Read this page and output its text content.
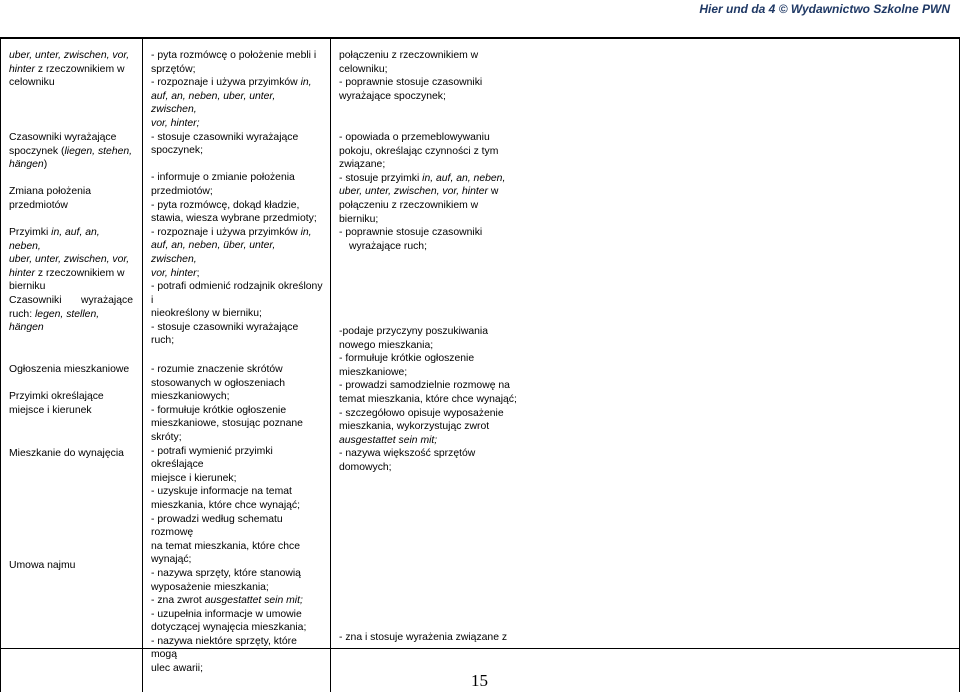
Hier und da 4 © Wydawnictwo Szkolne PWN
uber, unter, zwischen, vor,
hinter z rzeczownikiem w
celowniku
Czasowniki wyrażające
spoczynek (liegen, stehen,
hängen)
Zmiana położenia
przedmiotów
Przyimki in, auf, an, neben,
uber, unter, zwischen, vor,
hinter z rzeczownikiem w
bierniku
Czasowniki wyrażające
ruch: legen, stellen, hängen
Ogłoszenia mieszkaniowe
Przyimki określające
miejsce i kierunek
Mieszkanie do wynajęcia
Umowa najmu
- pyta rozmówcę o położenie mebli i
sprzętów;
- rozpoznaje i używa przyimków in,
auf, an, neben, uber, unter, zwischen,
vor, hinter;
- stosuje czasowniki wyrażające
spoczynek;
- informuje o zmianie położenia
przedmiotów;
- pyta rozmówcę, dokąd kładzie,
stawia, wiesza wybrane przedmioty;
- rozpoznaje i używa przyimków in,
auf, an, neben, über, unter, zwischen,
vor, hinter;
- potrafi odmienić rodzajnik określony i
nieokreślony w bierniku;
- stosuje czasowniki wyrażające ruch;
- rozumie znaczenie skrótów
stosowanych w ogłoszeniach
mieszkaniowych;
- formułuje krótkie ogłoszenie
mieszkaniowe, stosując poznane
skróty;
- potrafi wymienić przyimki określające
miejsce i kierunek;
- uzyskuje informacje na temat
mieszkania, które chce wynająć;
- prowadzi według schematu rozmowę
na temat mieszkania, które chce
wynająć;
- nazywa sprzęty, które stanowią
wyposażenie mieszkania;
- zna zwrot ausgestattet sein mit;
- uzupełnia informacje w umowie
dotyczącej wynajęcia mieszkania;
- nazywa niektóre sprzęty, które mogą
ulec awarii;
połączeniu z rzeczownikiem w
celowniku;
- poprawnie stosuje czasowniki
wyrażające spoczynek;
- opowiada o przemeblowywaniu
pokoju, określając czynności z tym
związane;
- stosuje przyimki in, auf, an, neben,
uber, unter, zwischen, vor, hinter w
połączeniu z rzeczownikiem w bierniku;
- poprawnie stosuje czasowniki
wyrażające ruch;
-podaje przyczyny poszukiwania
nowego mieszkania;
- formułuje krótkie ogłoszenie
mieszkaniowe;
- prowadzi samodzielnie rozmowę na
temat mieszkania, które chce wynająć;
- szczegółowo opisuje wyposażenie
mieszkania, wykorzystując zwrot
ausgestattet sein mit;
- nazywa większość sprzętów
domowych;
- zna i stosuje wyrażenia związane z
15
